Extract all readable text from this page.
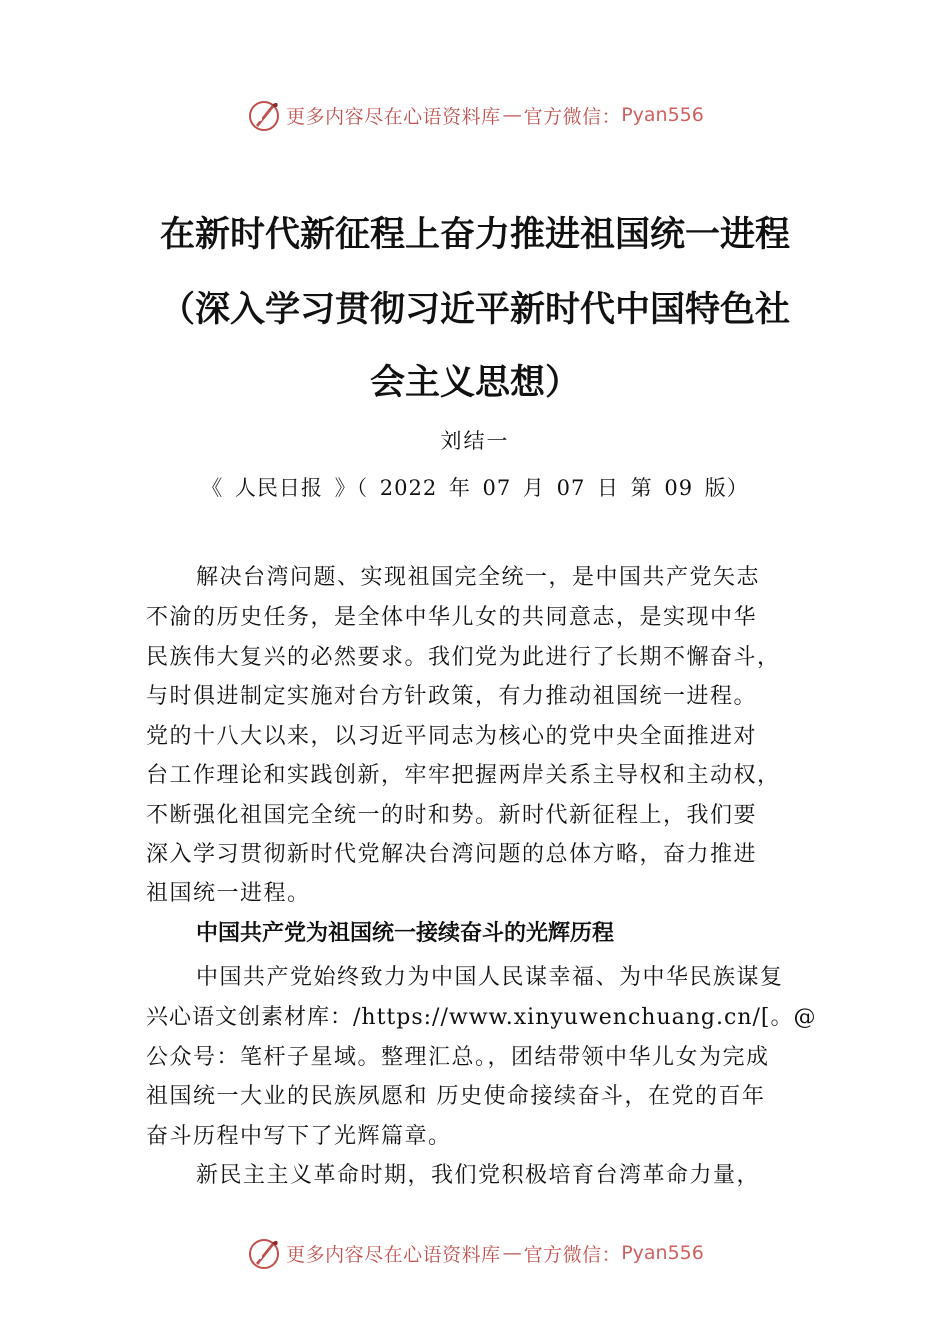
更多内容尽在心语资料库 — 官方微信： Pyan556
在新时代新征程上奋力推进祖国统一进程
（深入学习贯彻习近平新时代中国特色社
会主义思想）
刘结一
《 人民日报 》（ 2022 年 07 月 07 日 第 09 版）
解决台湾问题、实现祖国完全统一，是中国共产党矢志
不渝的历史任务，是全体中华儿女的共同意志，是实现中华
民族伟大复兴的必然要求。我们党为此进行了长期不懈奋斗，
与时俱进制定实施对台方针政策，有力推动祖国统一进程。
党的十八大以来，以习近平同志为核心的党中央全面推进对
台工作理论和实践创新，牢牢把握两岸关系主导权和主动权，
不断强化祖国完全统一的时和势。新时代新征程上，我们要
深入学习贯彻新时代党解决台湾问题的总体方略，奋力推进
祖国统一进程。
中国共产党为祖国统一接续奋斗的光辉历程
中国共产党始终致力为中国人民谋幸福、为中华民族谋复
兴心语文创素材库：/https://www.xinyuwenchuang.cn/[。@
公众号：笔杆子星域。整理汇总。，团结带领中华儿女为完成
祖国统一大业的民族夙愿和 历史使命接续奋斗，在党的百年
奋斗历程中写下了光辉篇章。
新民主主义革命时期，我们党积极培育台湾革命力量，
更多内容尽在心语资料库 — 官方微信： Pyan556
